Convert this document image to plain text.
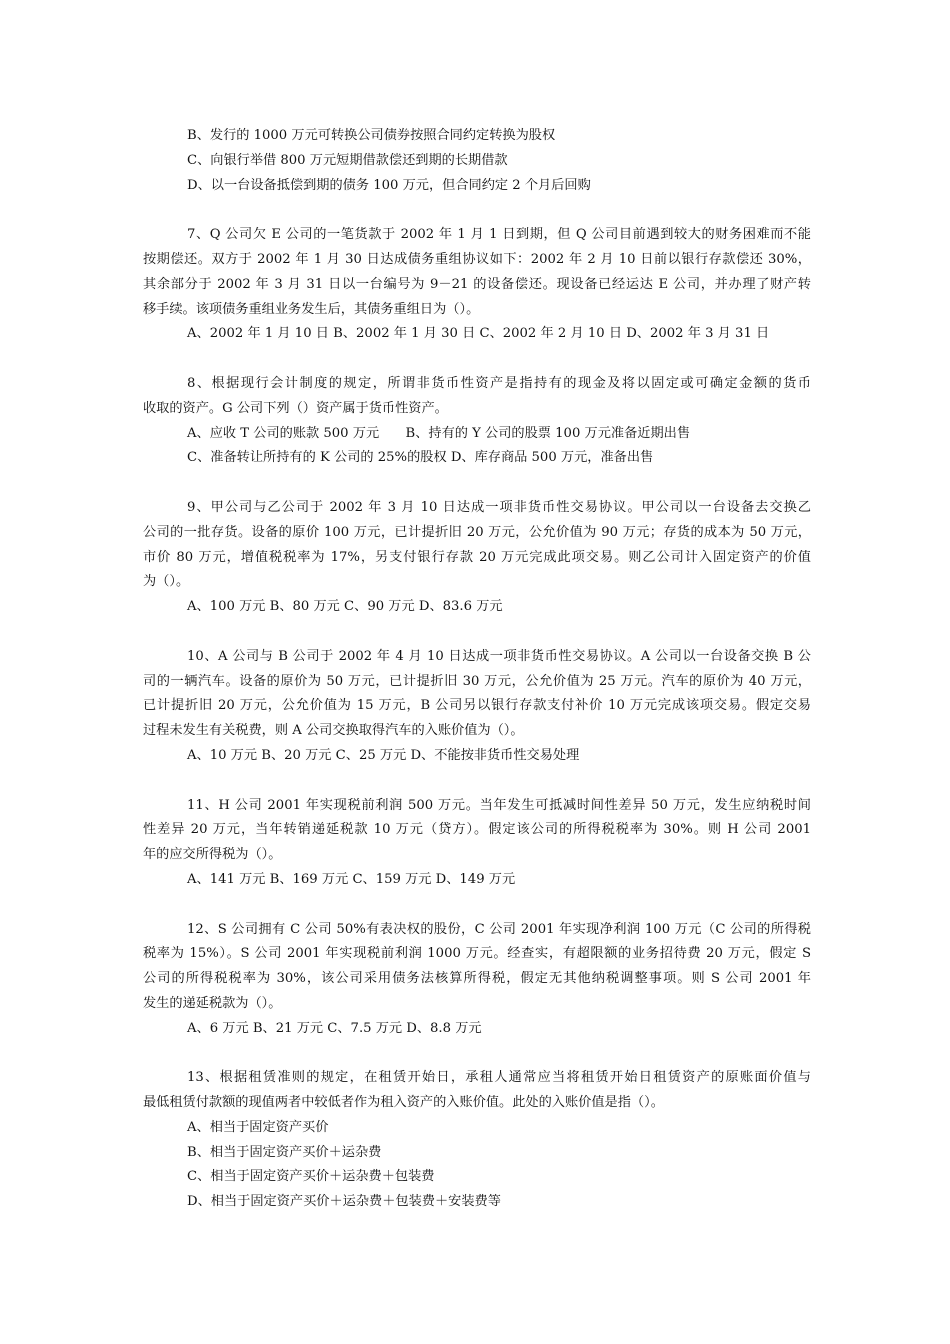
B、发行的 1000 万元可转换公司债券按照合同约定转换为股权
C、向银行举借 800 万元短期借款偿还到期的长期借款
D、以一台设备抵偿到期的债务 100 万元，但合同约定 2 个月后回购
7、Q 公司欠 E 公司的一笔货款于 2002 年 1 月 1 日到期，但 Q 公司目前遇到较大的财务困难而不能
按期偿还。双方于 2002 年 1 月 30 日达成债务重组协议如下：2002 年 2 月 10 日前以银行存款偿还 30%，
其余部分于 2002 年 3 月 31 日以一台编号为 9－21 的设备偿还。现设备已经运达 E 公司，并办理了财产转
移手续。该项债务重组业务发生后，其债务重组日为（）。
A、2002 年 1 月 10 日 B、2002 年 1 月 30 日 C、2002 年 2 月 10 日 D、2002 年 3 月 31 日
8、根据现行会计制度的规定，所谓非货币性资产是指持有的现金及将以固定或可确定金额的货币
收取的资产。G 公司下列（）资产属于货币性资产。
A、应收 T 公司的账款 500 万元　　B、持有的 Y 公司的股票 100 万元准备近期出售
C、准备转让所持有的 K 公司的 25%的股权 D、库存商品 500 万元，准备出售
9、甲公司与乙公司于 2002 年 3 月 10 日达成一项非货币性交易协议。甲公司以一台设备去交换乙
公司的一批存货。设备的原价 100 万元，已计提折旧 20 万元，公允价值为 90 万元；存货的成本为 50 万元，
市价 80 万元，增值税税率为 17%，另支付银行存款 20 万元完成此项交易。则乙公司计入固定资产的价值
为（）。
A、100 万元 B、80 万元 C、90 万元 D、83.6 万元
10、A 公司与 B 公司于 2002 年 4 月 10 日达成一项非货币性交易协议。A 公司以一台设备交换 B 公
司的一辆汽车。设备的原价为 50 万元，已计提折旧 30 万元，公允价值为 25 万元。汽车的原价为 40 万元，
已计提折旧 20 万元，公允价值为 15 万元，B 公司另以银行存款支付补价 10 万元完成该项交易。假定交易
过程未发生有关税费，则 A 公司交换取得汽车的入账价值为（）。
A、10 万元 B、20 万元 C、25 万元 D、不能按非货币性交易处理
11、H 公司 2001 年实现税前利润 500 万元。当年发生可抵减时间性差异 50 万元，发生应纳税时间
性差异 20 万元，当年转销递延税款 10 万元（贷方）。假定该公司的所得税税率为 30%。则 H 公司 2001
年的应交所得税为（）。
A、141 万元 B、169 万元 C、159 万元 D、149 万元
12、S 公司拥有 C 公司 50%有表决权的股份，C 公司 2001 年实现净利润 100 万元（C 公司的所得税
税率为 15%）。S 公司 2001 年实现税前利润 1000 万元。经查实，有超限额的业务招待费 20 万元，假定 S
公司的所得税税率为 30%，该公司采用债务法核算所得税，假定无其他纳税调整事项。则 S 公司 2001 年
发生的递延税款为（）。
A、6 万元 B、21 万元 C、7.5 万元 D、8.8 万元
13、根据租赁准则的规定，在租赁开始日，承租人通常应当将租赁开始日租赁资产的原账面价值与
最低租赁付款额的现值两者中较低者作为租入资产的入账价值。此处的入账价值是指（）。
A、相当于固定资产买价
B、相当于固定资产买价＋运杂费
C、相当于固定资产买价＋运杂费＋包装费
D、相当于固定资产买价＋运杂费＋包装费＋安装费等
